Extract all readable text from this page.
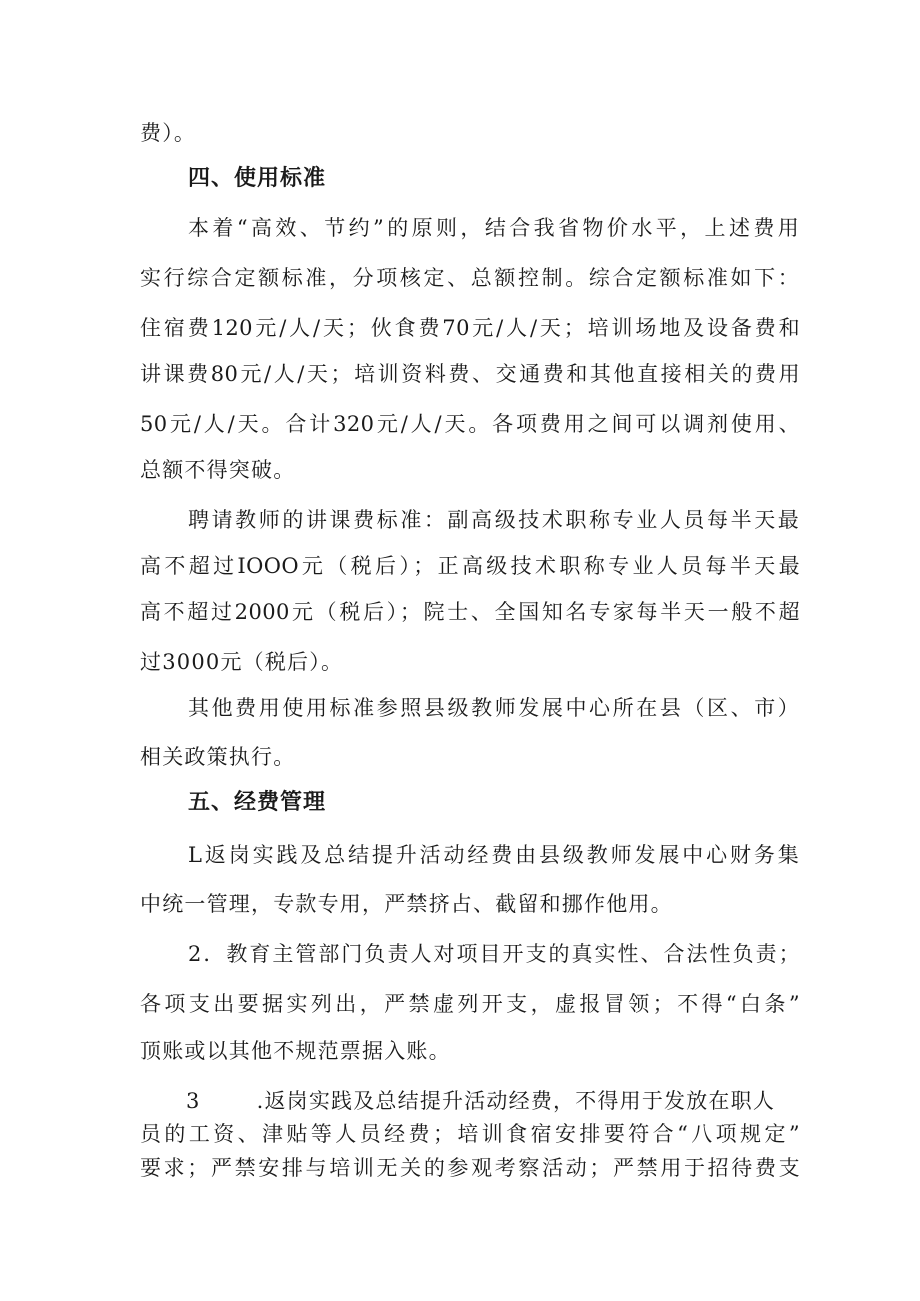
费）。
四、使用标准
本着“高效、节约”的原则，结合我省物价水平，上述费用
实行综合定额标准，分项核定、总额控制。综合定额标准如下：
住宿费120元/人/天；伙食费70元/人/天；培训场地及设备费和
讲课费80元/人/天；培训资料费、交通费和其他直接相关的费用
50元/人/天。合计320元/人/天。各项费用之间可以调剂使用、
总额不得突破。
聘请教师的讲课费标准：副高级技术职称专业人员每半天最
高不超过IOOO元（税后）；正高级技术职称专业人员每半天最
高不超过2000元（税后）；院士、全国知名专家每半天一般不超
过3000元（税后）。
其他费用使用标准参照县级教师发展中心所在县（区、市）
相关政策执行。
五、经费管理
L返岗实践及总结提升活动经费由县级教师发展中心财务集
中统一管理，专款专用，严禁挤占、截留和挪作他用。
2．教育主管部门负责人对项目开支的真实性、合法性负责；
各项支出要据实列出，严禁虚列开支，虚报冒领；不得“白条”
顶账或以其他不规范票据入账。
3	.返岗实践及总结提升活动经费，不得用于发放在职人
员的工资、津贴等人员经费；培训食宿安排要符合“八项规定”
要求；严禁安排与培训无关的参观考察活动；严禁用于招待费支
